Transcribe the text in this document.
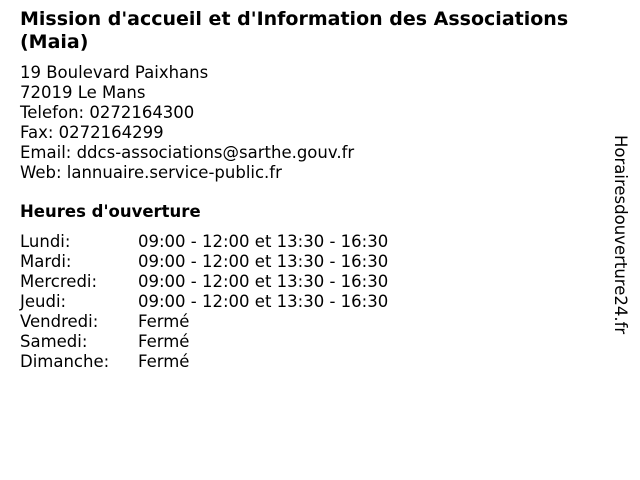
Mission d'accueil et d'Information des Associations (Maia)
19 Boulevard Paixhans
72019 Le Mans
Telefon: 0272164300
Fax: 0272164299
Email: ddcs-associations@sarthe.gouv.fr
Web: lannuaire.service-public.fr
Heures d'ouverture
Lundi:	09:00 - 12:00 et 13:30 - 16:30
Mardi:	09:00 - 12:00 et 13:30 - 16:30
Mercredi:	09:00 - 12:00 et 13:30 - 16:30
Jeudi:	09:00 - 12:00 et 13:30 - 16:30
Vendredi:	Fermé
Samedi:	Fermé
Dimanche:	Fermé
Horairesdouverture24.fr
